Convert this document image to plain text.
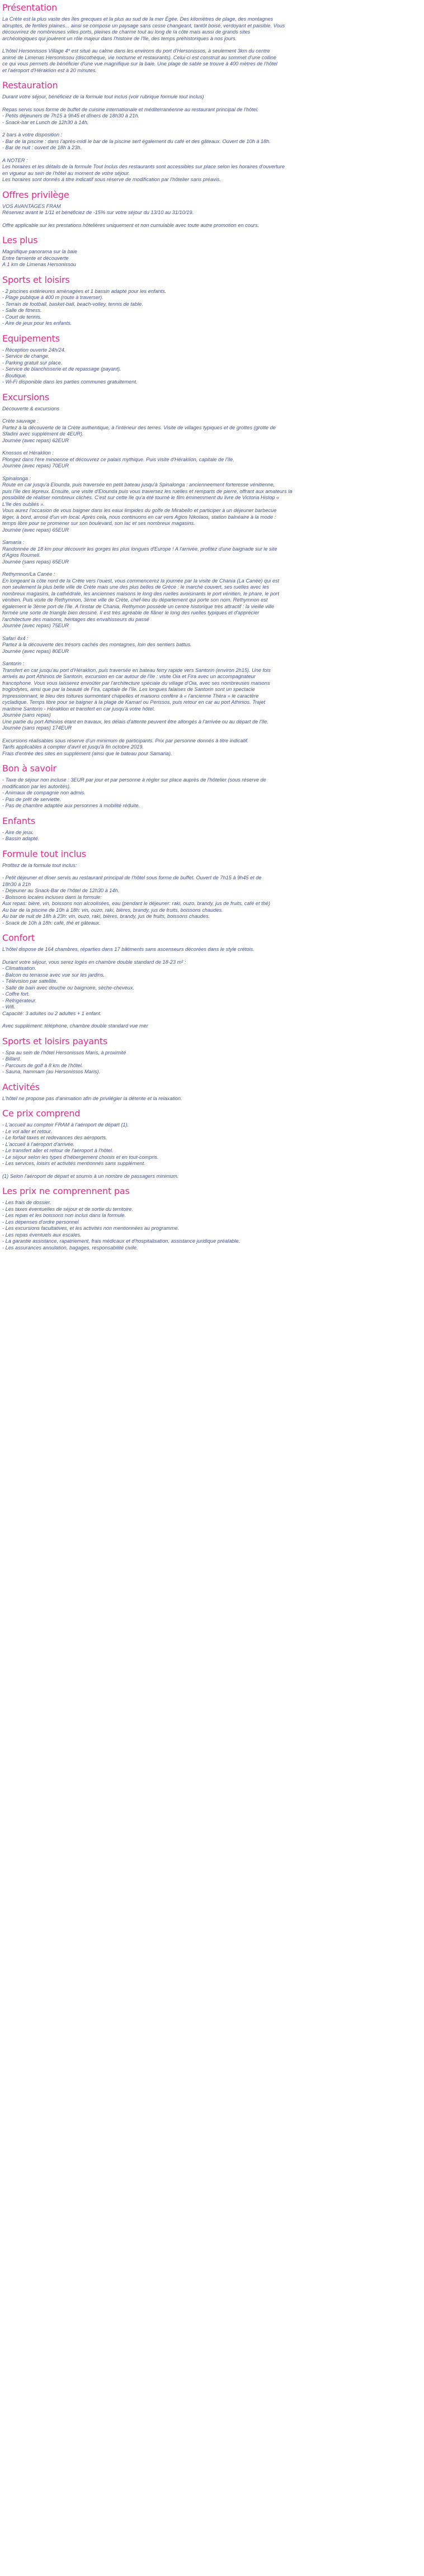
Présentation
La Crète est la plus vaste des îles grecques et la plus au sud de la mer Égée. Des kilomètres de plage, des montagnes
abruptes, de fertiles plaines... ainsi se compose un paysage sans cesse changeant, tantôt boisé, verdoyant et paisible. Vous
découvrirez de nombreuses villes ports, pleines de charme tout au long de la côte mais aussi de grands sites
archéologiques qui jouèrent un rôle majeur dans l'histoire de l'île, des temps préhistoriques à nos jours.
L'hôtel Hersonissos Village 4* est situé au calme dans les environs du port d'Hersonissos, à seulement 3km du centre
animé de Limenas Hersonissou (discothèque, vie nocturne et restaurants). Celui-ci est construit au sommet d'une colline
ce qui vous permets de bénéficier d'une vue magnifique sur la baie. Une plage de sable se trouve à 400 mètres de l'hôtel
et l'aéroport d'Héraklion est à 20 minutes.
Restauration
Durant votre séjour, bénéficiez de la formule tout inclus (voir rubrique formule tout inclus)
Repas servis sous forme de buffet de cuisine internationale et méditerranéenne au restaurant principal de l'hôtel.
- Petits déjeuners de 7h15 à 9h45 et dîners de 18h30 à 21h.
- Snack-bar et Lunch de 12h30 à 14h.
2 bars à votre disposition :
- Bar de la piscine : dans l'après-midi le bar de la piscine sert également du café et des gâteaux. Ouvert de 10h à 18h.
- Bar de nuit : ouvert de 18h à 23h.
A NOTER :
Les horaires et les détails de la formule Tout Inclus des restaurants sont accessibles sur place selon les horaires d'ouverture
en vigueur au sein de l'hôtel au moment de votre séjour.
Les horaires sont donnés à titre indicatif sous réserve de modification par l'hôtelier sans préavis.
Offres privilège
VOS AVANTAGES FRAM
Réservez avant le 1/11 et bénéficiez de -15% sur votre séjour du 13/10 au 31/10/19.
Offre applicable sur les prestations hôtelières uniquement et non cumulable avec toute autre promotion en cours.
Les plus
Magnifique panorama sur la baie
Entre farniente et découverte
A 1 km de Limenas Hersonissou
Sports et loisirs
- 2 piscines extérieures aménagées et 1 bassin adapté pour les enfants.
- Plage publique à 400 m (route à traverser).
- Terrain de football, basket-ball, beach-volley, tennis de table.
- Salle de fitness.
- Court de tennis.
- Aire de jeux pour les enfants.
Equipements
- Réception ouverte 24h/24.
- Service de change.
- Parking gratuit sur place.
- Service de blanchisserie et de repassage (payant).
- Boutique.
- Wi-Fi disponible dans les parties communes gratuitement.
Excursions
Découverte & excursions
Crète sauvage :
Partez à la découverte de la Crète authentique, à l'intérieur des terres. Visite de villages typiques et de grottes (grotte de
Sfadini avec supplément de 4EUR).
Journée (avec repas) 62EUR
Knossos et Héraklion :
Plongez dans l'ère minoenne et découvrez ce palais mythique. Puis visite d'Héraklion, capitale de l'île.
Journée (avec repas) 70EUR
Spinalonga :
Route en car jusqu'à Elounda, puis traversée en petit bateau jusqu'à Spinalonga : ancienneement forteresse vénitienne,
puis l'île des lépreux. Ensuite, une visite d'Elounda puis vous traversez les ruelles et remparts de pierre, offrant aux amateurs la
possibilité de réaliser nombreux clichés. C'est sur cette île qu'a été tourné le film éminemment du livre de Victoria Hislop «
L'île des oubliés ».
Vous aurez l'occasion de vous baigner dans les eaux limpides du golfe de Mirabello et participer à un déjeuner barbecue
léger, à bord, arrosé d'un vin local. Après cela, nous continuons en car vers Agios Nikolaos, station balnéaire à la mode :
temps libre pour se promener sur son boulevard, son lac et ses nombreux magasins.
Journée (avec repas) 65EUR
Samaria :
Randonnée de 18 km pour découvrir les gorges les plus longues d'Europe ! A l'arrivée, profitez d'une baignade sur le site
d'Agios Roumeli.
Journée (sans repas) 65EUR
Rethymnon/La Canée :
En longeant la côte nord de la Crète vers l'ouest, vous commencerez la journée par la visite de Chania (La Canée) qui est
non seulement la plus belle ville de Crète mais une des plus belles de Grèce : le marché couvert, ses ruelles avec les
nombreux magasins, la cathédrale, les anciennes maisons le long des ruelles avoisinants le port vénitien, le phare, le port
vénitien. Puis visite de Rethymnon, 3ème ville de Crète, chef-lieu du département qui porte son nom. Rethymnon est
également le 3ème port de l'île. A l'instar de Chania, Rethymon possède un centre historique très attractif : la vieille ville
formée une sorte de triangle bien dessiné. Il est très agréable de flâner le long des ruelles typiques et d'apprécier
l'architecture des maisons, héritages des envahisseurs du passé
Journée (avec repas) 75EUR
Safari 4x4 :
Partez à la découverte des trésors cachés des montagnes, loin des sentiers battus.
Journée (avec repas) 80EUR
Santorin :
Transfert en car jusqu'au port d'Héraklion, puis traversée en bateau ferry rapide vers Santorin (environ 2h15). Une fois
arrivés au port Athinios de Santorin, excursion en car autour de l'île : visite Oia et Fira avec un accompagnateur
francophone. Vous vous laisserez envoûter par l'architecture spéciale du village d'Oia, avec ses nombreuses maisons
troglodytes, ainsi que par la beauté de Fira, capitale de l'île. Les longues falaises de Santorin sont un spectacle
impressionnant, le bleu des toitures surmontant chapelles et maisons confère à « l'ancienne Théra » le caractère
cycladique. Temps libre pour se baigner à la plage de Kamari ou Perissos, puis retour en car au port Athinios. Trajet
maritime Santorin - Héraklion et transfert en car jusqu'à votre hôtel.
Journée (sans repas)
Une partie du port Athinios étant en travaux, les délais d'attente peuvent être allongés à l'arrivée ou au départ de l'île.
Journée (sans repas) 174EUR
Excursions réalisables sous réserve d'un minimum de participants. Prix par personne donnés à titre indicatif.
Tarifs applicables à compter d'avril et jusqu'à fin octobre 2019.
Frais d'entrée des sites en supplément (ainsi que le bateau pour Samaria).
Bon à savoir
- Taxe de séjour non incluse : 3EUR par jour et par personne à régler sur place auprès de l'hôtelier (sous réserve de
modification par les autorités).
- Animaux de compagnie non admis.
- Pas de prêt de serviette.
- Pas de chambre adaptée aux personnes à mobilité réduite.
Enfants
- Aire de jeux.
- Bassin adapté.
Formule tout inclus
Profitez de la formule tout inclus:
- Petit déjeuner et dîner servis au restaurant principal de l'hôtel sous forme de buffet. Ouvert de 7h15 à 9h45 et de
18h30 à 21h
- Déjeuner au Snack-Bar de l'hôtel de 12h30 à 14h.
- Boissons locales incluses dans la formule:
Aux repas: bière, vin, boissons non alcoolisées, eau (pendant le déjeuner: raki, ouzo, brandy, jus de fruits, café et thé)
Au bar de la piscine de 10h à 18h: vin, ouzo, raki, bières, brandy, jus de fruits, boissons chaudes.
Au bar de nuit de 18h à 23h: vin, ouzo, raki, bières, brandy, jus de fruits, boissons chaudes.
- Snack de 10h à 18h: café, thé et gâteaux.
Confort
L'hôtel dispose de 164 chambres, réparties dans 17 bâtiments sans ascenseurs décorées dans le style crétois.
Durant votre séjour, vous serez logés en chambre double standard de 18-23 m² :
- Climatisation.
- Balcon ou terrasse avec vue sur les jardins.
- Télévision par satellite.
- Salle de bain avec douche ou baignoire, sèche-cheveux.
- Coffre fort.
- Réfrigérateur.
- Wifi.
Capacité: 3 adultes ou 2 adultes + 1 enfant.
Avec supplément: téléphone, chambre double standard vue mer
Sports et loisirs payants
- Spa au sein de l'hôtel Hersonissos Maris, à proximité
- Billard.
- Parcours de golf à 8 km de l'hôtel.
- Sauna, hammam (au Hersonissos Maris).
Activités
L'hôtel ne propose pas d'animation afin de privilégier la détente et la relaxation.
Ce prix comprend
- L'accueil au comptoir FRAM à l'aéroport de départ (1).
- Le vol aller et retour.
- Le forfait taxes et redevances des aéroports.
- L'accueil à l'aéroport d'arrivée.
- Le transfert aller et retour de l'aéroport à l'hôtel.
- Le séjour selon les types d'hébergement choisis et en tout-compris.
- Les services, loisirs et activités mentionnés sans supplément.
(1) Selon l'aéroport de départ et soumis à un nombre de passagers minimum.
Les prix ne comprennent pas
- Les frais de dossier.
- Les taxes éventuelles de séjour et de sortie du territoire.
- Les repas et les boissons non inclus dans la formule.
- Les dépenses d'ordre personnel
- Les excursions facultatives, et les activités non mentionnées au programme.
- Les repas éventuels aux escales.
- La garantie assistance, rapatriement, frais médicaux et d'hospitalisation, assistance juridique préalable.
- Les assurances annulation, bagages, responsabilité civile.
